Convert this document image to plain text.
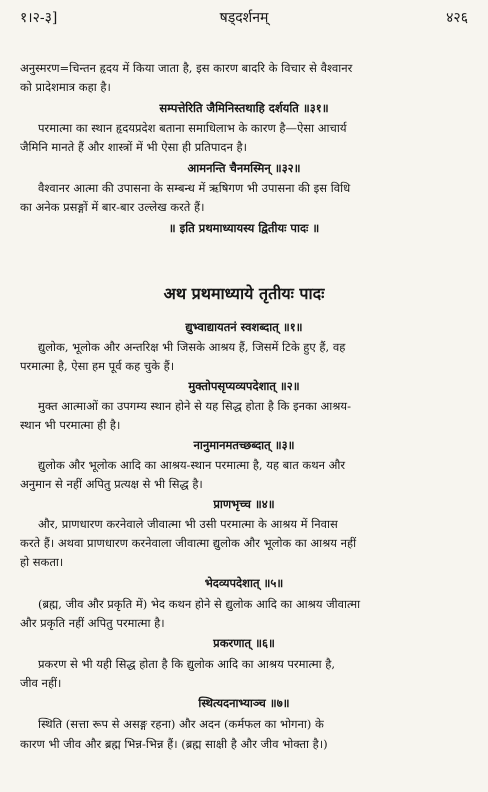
१।२-३]	षड्दर्शनम्	४२६
अनुस्मरण=चिन्तन हृदय में किया जाता है, इस कारण बादरि के विचार से वैश्वानर
को प्रादेशमात्र कहा है।
सम्पत्तेरिति जैमिनिस्तथाहि दर्शयति ॥३१॥
परमात्मा का स्थान हृदयप्रदेश बताना समाधिलाभ के कारण है—ऐसा आचार्य
जैमिनि मानते हैं और शास्त्रों में भी ऐसा ही प्रतिपादन है।
आमनन्ति चैनमस्मिन् ॥३२॥
वैश्वानर आत्मा की उपासना के सम्बन्ध में ऋषिगण भी उपासना की इस विधि
का अनेक प्रसङ्गों में बार-बार उल्लेख करते हैं।
॥ इति प्रथमाध्यायस्य द्वितीयः पादः ॥
अथ प्रथमाध्याये तृतीयः पादः
द्युभ्वाद्यायतनं स्वशब्दात् ॥१॥
द्युलोक, भूलोक और अन्तरिक्ष भी जिसके आश्रय हैं, जिसमें टिके हुए हैं, वह
परमात्मा है, ऐसा हम पूर्व कह चुके हैं।
मुक्तोपसृप्यव्यपदेशात् ॥२॥
मुक्त आत्माओं का उपगम्य स्थान होने से यह सिद्ध होता है कि इनका आश्रय-
स्थान भी परमात्मा ही है।
नानुमानमतच्छब्दात् ॥३॥
द्युलोक और भूलोक आदि का आश्रय-स्थान परमात्मा है, यह बात कथन और
अनुमान से नहीं अपितु प्रत्यक्ष से भी सिद्ध है।
प्राणभृच्च ॥४॥
और, प्राणधारण करनेवाले जीवात्मा भी उसी परमात्मा के आश्रय में निवास
करते हैं। अथवा प्राणधारण करनेवाला जीवात्मा द्युलोक और भूलोक का आश्रय नहीं
हो सकता।
भेदव्यपदेशात् ॥५॥
(ब्रह्म, जीव और प्रकृति में) भेद कथन होने से द्युलोक आदि का आश्रय जीवात्मा
और प्रकृति नहीं अपितु परमात्मा है।
प्रकरणात् ॥६॥
प्रकरण से भी यही सिद्ध होता है कि द्युलोक आदि का आश्रय परमात्मा है,
जीव नहीं।
स्थित्यदनाभ्याञ्च ॥७॥
स्थिति (सत्ता रूप से असङ्ग रहना) और अदन (कर्मफल का भोगना) के
कारण भी जीव और ब्रह्म भिन्न-भिन्न हैं। (ब्रह्म साक्षी है और जीव भोक्ता है।)
